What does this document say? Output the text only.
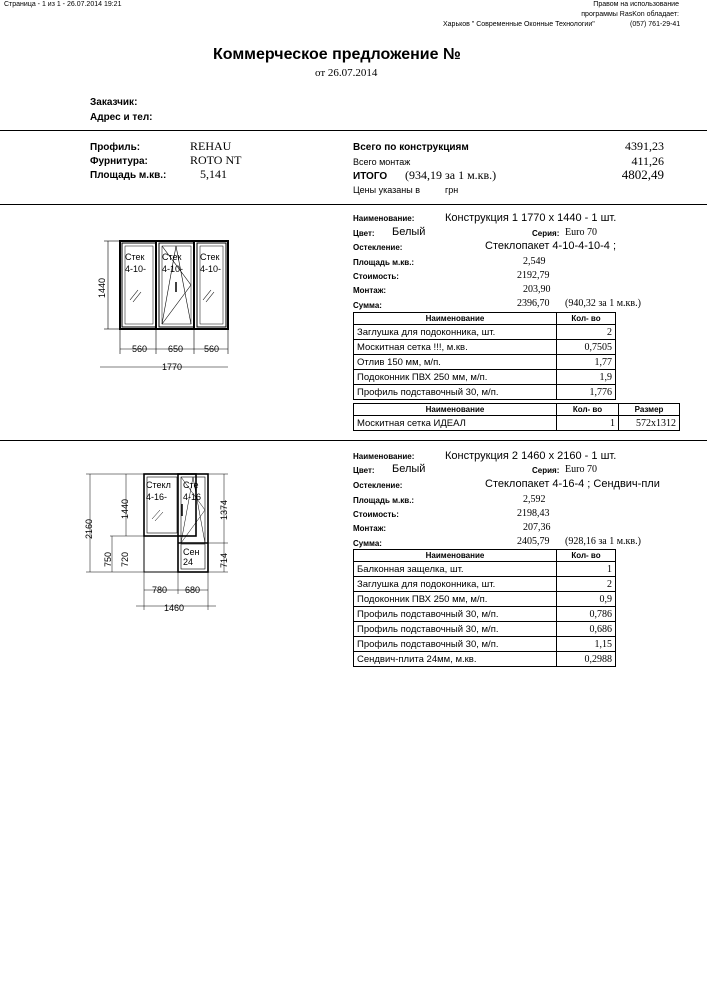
Страница - 1 из 1 - 26.07.2014 19:21	Правом на использование
программы RasKon обладает:
Харьков " Современные Оконные Технологии"	(057) 761-29-41
Коммерческое предложение №
от 26.07.2014
Заказчик:
Адрес и тел:
Профиль:	REHAU
Фурнитура:	ROTO NT
Площадь м.кв.:	5,141
Всего по конструкциям	4391,23
Всего монтаж	411,26
ИТОГО (934,19 за 1 м.кв.)	4802,49
Цены указаны в          грн
Стек
4-10-
Стек
4-10-
Стек
4-10-
1440
560 650 560
1770
Наименование:	Конструкция 1 1770 х 1440 - 1 шт.
Цвет: Белый	Серия: Euro 70
Остекление:	Стеклопакет 4-10-4-10-4 ;
Площадь м.кв.:	2,549
Стоимость:	2192,79
Монтаж:	203,90
Сумма:	2396,70 (940,32 за 1 м.кв.)
Наименование	Кол- во
Заглушка для подоконника, шт.	2
Москитная сетка !!!, м.кв.	0,7505
Отлив 150 мм, м/п.	1,77
Подоконник ПВХ 250 мм, м/п.	1,9
Профиль подставочный 30, м/п.	1,776
Наименование	Кол- во	Размер
Москитная сетка ИДЕАЛ	1	572x1312
Стекл
4-16-
Сте
4-16
Сен
24
2160
1440
750 720
1374
714
780 680
1460
Наименование:	Конструкция 2 1460 х 2160 - 1 шт.
Цвет: Белый	Серия: Euro 70
Остекление:	Стеклопакет 4-16-4 ; Сендвич-пли
Площадь м.кв.:	2,592
Стоимость:	2198,43
Монтаж:	207,36
Сумма:	2405,79 (928,16 за 1 м.кв.)
Наименование	Кол- во
Балконная защелка, шт.	1
Заглушка для подоконника, шт.	2
Подоконник ПВХ 250 мм, м/п.	0,9
Профиль подставочный 30, м/п.	0,786
Профиль подставочный 30, м/п.	0,686
Профиль подставочный 30, м/п.	1,15
Сендвич-плита 24мм, м.кв.	0,2988
